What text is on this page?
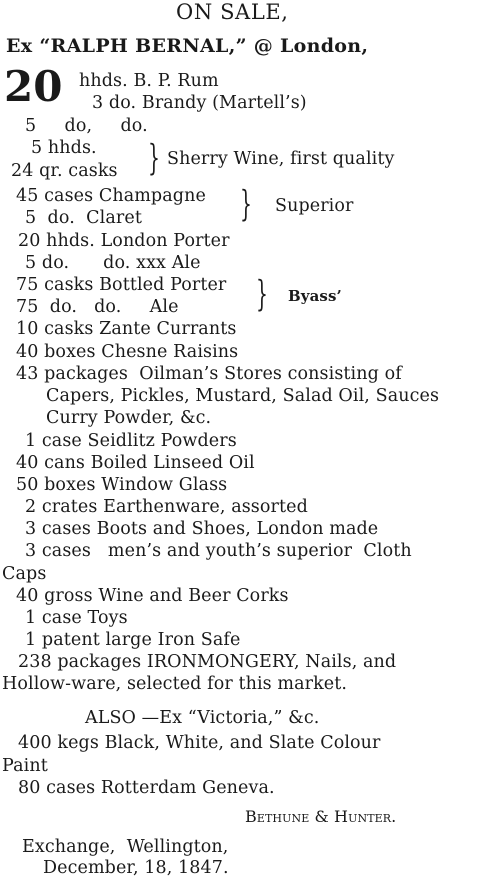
ON SALE,
Ex “RALPH BERNAL,” @ London,
20 hhds. B. P. Rum
3 do. Brandy (Martell’s)
5     do,     do.
5 hhds.
24 qr. casks } Sherry Wine, first quality
45 cases Champagne
5  do.  Claret	} Superior
20 hhds. London Porter
5 do.      do. xxx Ale
75 casks Bottled Porter
75  do.   do.     Ale } Byass’
10 casks Zante Currants
40 boxes Chesne Raisins
43 packages  Oilman’s Stores consisting of
Capers, Pickles, Mustard, Salad Oil, Sauces
Curry Powder, &c.
1 case Seidlitz Powders
40 cans Boiled Linseed Oil
50 boxes Window Glass
2 crates Earthenware, assorted
3 cases Boots and Shoes, London made
3 cases   men’s and youth’s superior  Cloth
Caps
40 gross Wine and Beer Corks
1 case Toys
1 patent large Iron Safe
238 packages IRONMONGERY, Nails, and
Hollow-ware, selected for this market.
ALSO —Ex “Victoria,” &c.
400 kegs Black, White, and Slate Colour
Paint
80 cases Rotterdam Geneva.
Bethune & Hunter.
Exchange,  Wellington,
December, 18, 1847.
